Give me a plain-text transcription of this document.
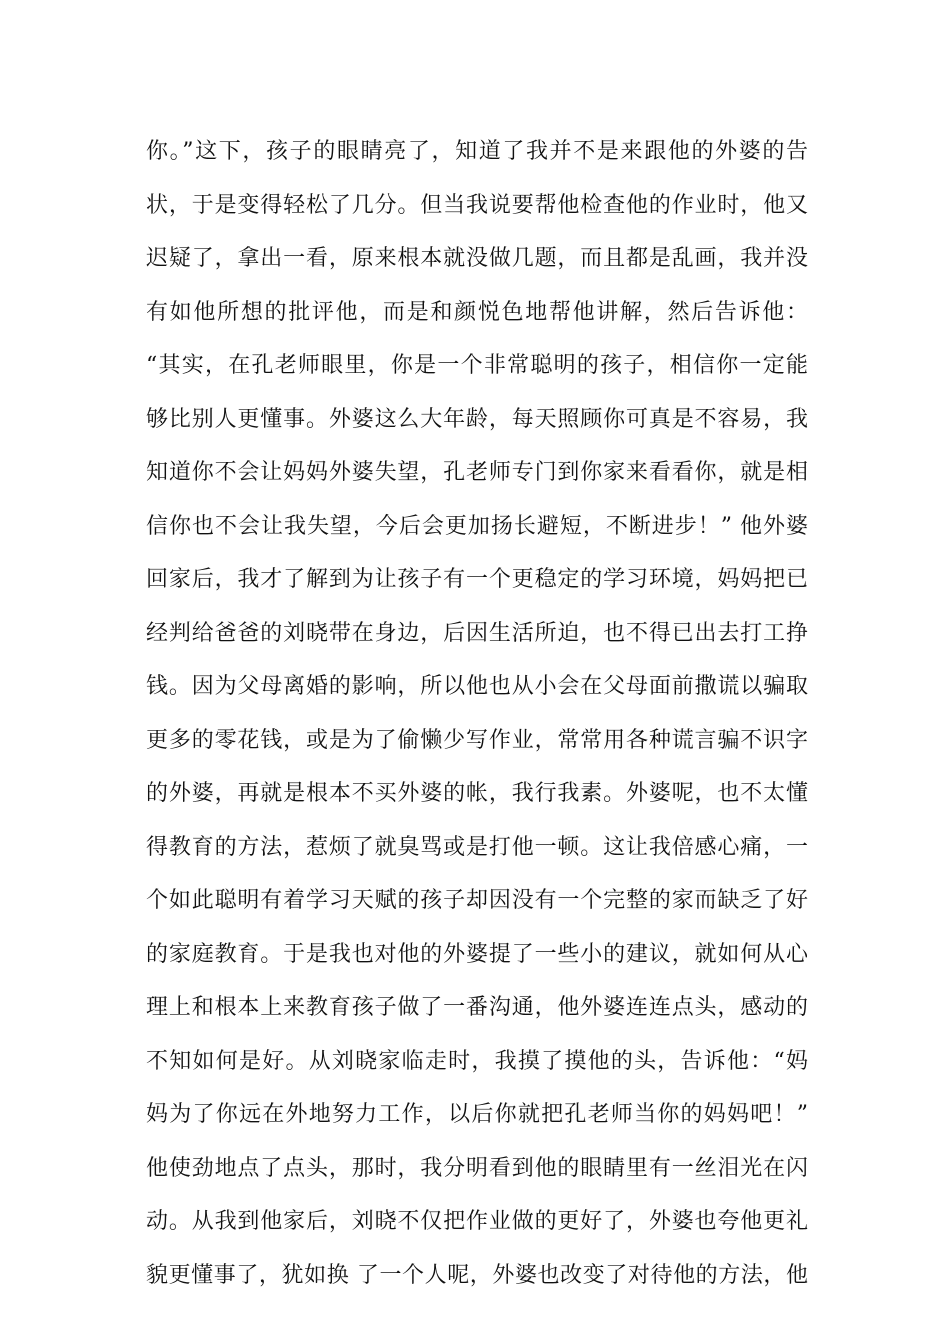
你。”这下，孩子的眼睛亮了，知道了我并不是来跟他的外婆的告
状，于是变得轻松了几分。但当我说要帮他检查他的作业时，他又
迟疑了，拿出一看，原来根本就没做几题，而且都是乱画，我并没
有如他所想的批评他，而是和颜悦色地帮他讲解，然后告诉他：
“其实，在孔老师眼里，你是一个非常聪明的孩子，相信你一定能
够比别人更懂事。外婆这么大年龄，每天照顾你可真是不容易，我
知道你不会让妈妈外婆失望，孔老师专门到你家来看看你，就是相
信你也不会让我失望，今后会更加扬长避短，不断进步！” 他外婆
回家后，我才了解到为让孩子有一个更稳定的学习环境，妈妈把已
经判给爸爸的刘晓带在身边，后因生活所迫，也不得已出去打工挣
钱。因为父母离婚的影响，所以他也从小会在父母面前撒谎以骗取
更多的零花钱，或是为了偷懒少写作业，常常用各种谎言骗不识字
的外婆，再就是根本不买外婆的帐，我行我素。外婆呢，也不太懂
得教育的方法，惹烦了就臭骂或是打他一顿。这让我倍感心痛，一
个如此聪明有着学习天赋的孩子却因没有一个完整的家而缺乏了好
的家庭教育。于是我也对他的外婆提了一些小的建议，就如何从心
理上和根本上来教育孩子做了一番沟通，他外婆连连点头，感动的
不知如何是好。从刘晓家临走时，我摸了摸他的头，告诉他：“妈
妈为了你远在外地努力工作，以后你就把孔老师当你的妈妈吧！”
他使劲地点了点头，那时，我分明看到他的眼睛里有一丝泪光在闪
动。从我到他家后，刘晓不仅把作业做的更好了，外婆也夸他更礼
貌更懂事了，犹如换 了一个人呢，外婆也改变了对待他的方法，他
